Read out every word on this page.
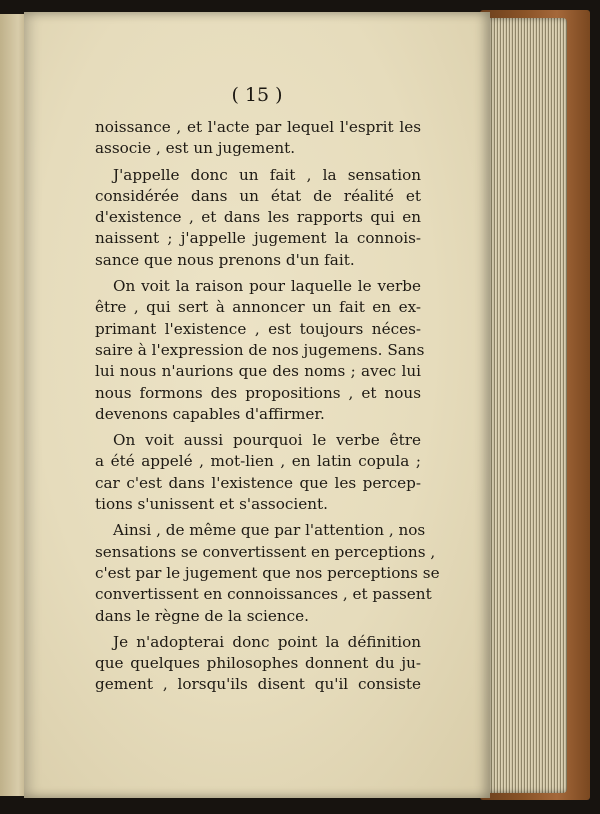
( 15 )

noissance , et l'acte par lequel l'esprit les
associe , est un jugement.

J'appelle donc un fait , la sensation
considérée dans un état de réalité et
d'existence , et dans les rapports qui en
naissent ; j'appelle jugement la connois-
sance que nous prenons d'un fait.

On voit la raison pour laquelle le verbe
être , qui sert à annoncer un fait en ex-
primant l'existence , est toujours néces-
saire à l'expression de nos jugemens. Sans
lui nous n'aurions que des noms ; avec lui
nous formons des propositions , et nous
devenons capables d'affirmer.

On voit aussi pourquoi le verbe être
a été appelé , mot-lien , en latin copula ;
car c'est dans l'existence que les percep-
tions s'unissent et s'associent.

Ainsi , de même que par l'attention , nos
sensations se convertissent en perceptions ,
c'est par le jugement que nos perceptions se
convertissent en connoissances , et passent
dans le règne de la science.

Je n'adopterai donc point la définition
que quelques philosophes donnent du ju-
gement , lorsqu'ils disent qu'il consiste
